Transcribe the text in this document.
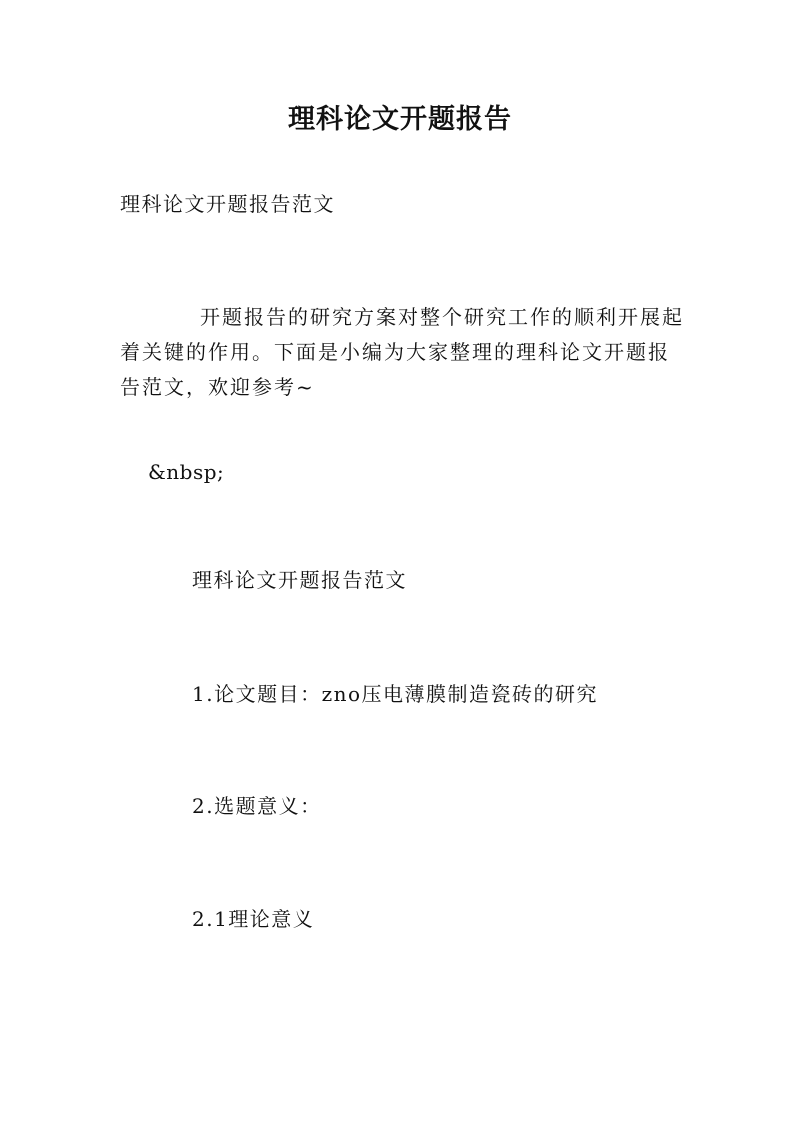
理科论文开题报告

理科论文开题报告范文

开题报告的研究方案对整个研究工作的顺利开展起着关键的作用。下面是小编为大家整理的理科论文开题报告范文，欢迎参考~

&nbsp;

理科论文开题报告范文

1.论文题目：zno压电薄膜制造瓷砖的研究

2.选题意义：

2.1理论意义
